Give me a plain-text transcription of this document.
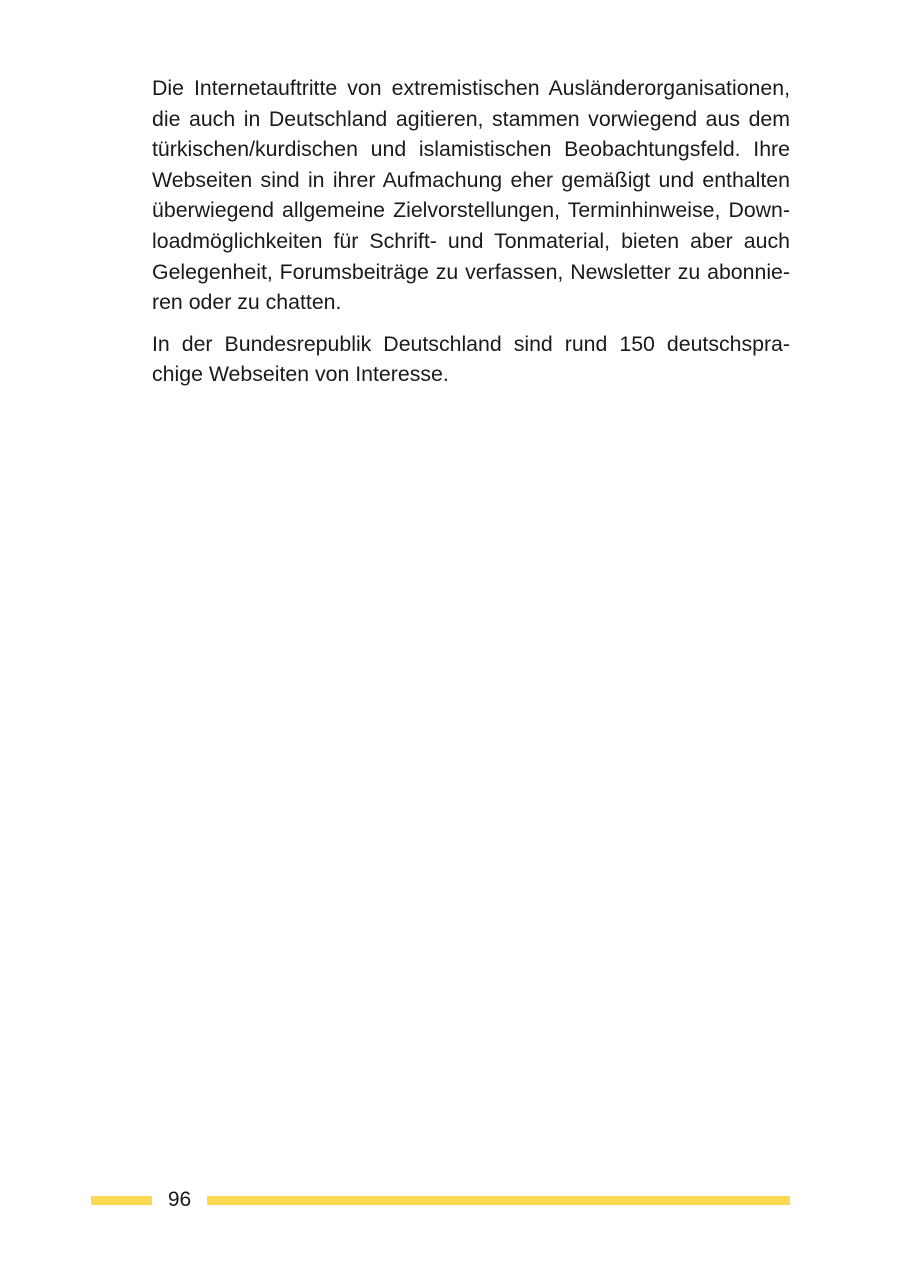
Die Internetauftritte von extremistischen Ausländerorganisationen,
die auch in Deutschland agitieren, stammen vorwiegend aus dem
türkischen/kurdischen und islamistischen Beobachtungsfeld. Ihre
Webseiten sind in ihrer Aufmachung eher gemäßigt und enthalten
überwiegend allgemeine Zielvorstellungen, Terminhinweise, Down-
loadmöglichkeiten für Schrift- und Tonmaterial, bieten aber auch
Gelegenheit, Forumsbeiträge zu verfassen, Newsletter zu abonnie-
ren oder zu chatten.
In der Bundesrepublik Deutschland sind rund 150 deutschspra-
chige Webseiten von Interesse.
96
